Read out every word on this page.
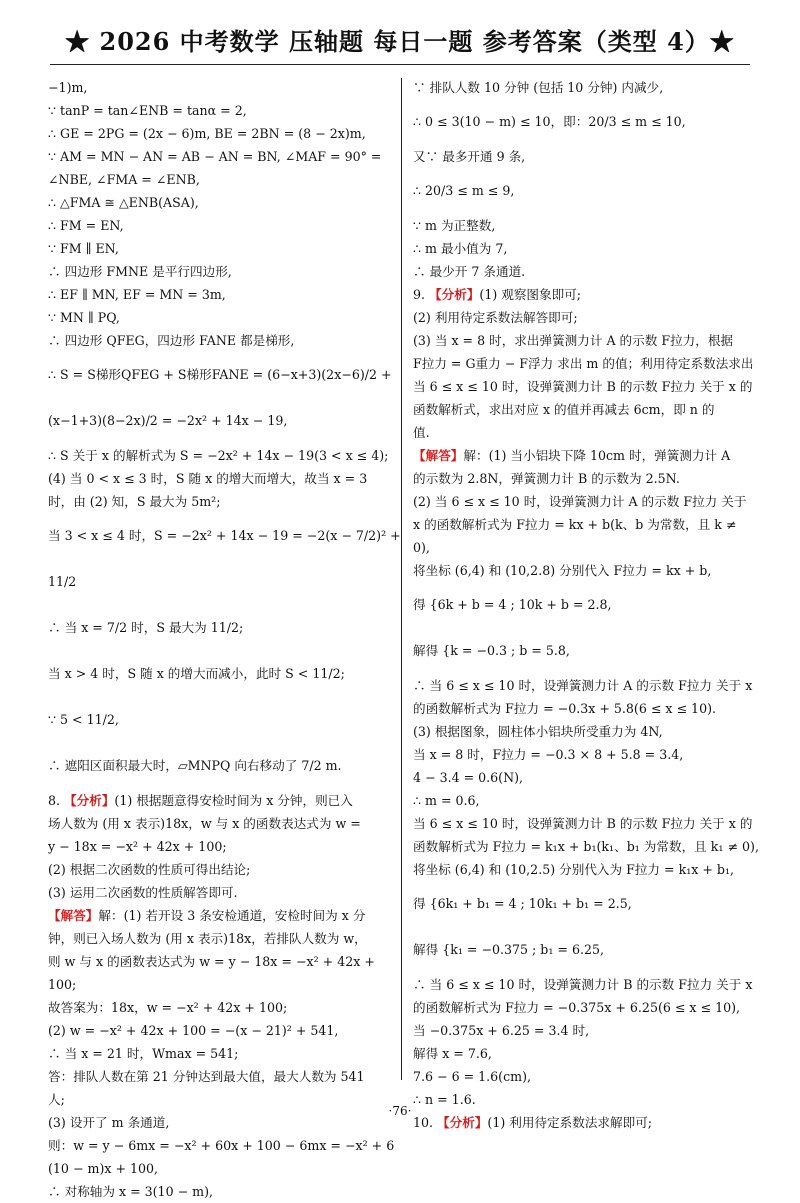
★ 2026 中考数学 压轴题 每日一题 参考答案（类型 4）★
−1)m,
∵ tanP = tan∠ENB = tanα = 2,
∴ GE = 2PG = (2x − 6)m, BE = 2BN = (8 − 2x)m,
∵ AM = MN − AN = AB − AN = BN, ∠MAF = 90° =
∠NBE, ∠FMA = ∠ENB,
∴ △FMA ≅ △ENB(ASA),
∴ FM = EN,
∵ FM ∥ EN,
∴ 四边形 FMNE 是平行四边形,
∴ EF ∥ MN, EF = MN = 3m,
∵ MN ∥ PQ,
∴ 四边形 QFEG，四边形 FANE 都是梯形,
∴ S = S梯形QFEG + S梯形FANE = (6−x+3)(2x−6)/2 +
(x−1+3)(8−2x)/2 = −2x² + 14x − 19,
∴ S 关于 x 的解析式为 S = −2x² + 14x − 19(3 < x ≤ 4);
(4) 当 0 < x ≤ 3 时，S 随 x 的增大而增大，故当 x = 3
时，由 (2) 知，S 最大为 5m²;
当 3 < x ≤ 4 时，S = −2x² + 14x − 19 = −2(x − 7/2)² +
11/2
∴ 当 x = 7/2 时，S 最大为 11/2;
当 x > 4 时，S 随 x 的增大而减小，此时 S < 11/2;
∵ 5 < 11/2,
∴ 遮阳区面积最大时，▱MNPQ 向右移动了 7/2 m.
8. 【分析】(1) 根据题意得安检时间为 x 分钟，则已入
场人数为 (用 x 表示)18x，w 与 x 的函数表达式为 w =
y − 18x = −x² + 42x + 100;
(2) 根据二次函数的性质可得出结论;
(3) 运用二次函数的性质解答即可.
【解答】解：(1) 若开设 3 条安检通道，安检时间为 x 分
钟，则已入场人数为 (用 x 表示)18x，若排队人数为 w，
则 w 与 x 的函数表达式为 w = y − 18x = −x² + 42x +
100;
故答案为：18x，w = −x² + 42x + 100;
(2) w = −x² + 42x + 100 = −(x − 21)² + 541,
∴ 当 x = 21 时，Wmax = 541;
答：排队人数在第 21 分钟达到最大值，最大人数为 541
人;
(3) 设开了 m 条通道,
则：w = y − 6mx = −x² + 60x + 100 − 6mx = −x² + 6
(10 − m)x + 100,
∴ 对称轴为 x = 3(10 − m),
∵ 排队人数 10 分钟 (包括 10 分钟) 内减少,
∴ 0 ≤ 3(10 − m) ≤ 10，即：20/3 ≤ m ≤ 10,
又∵ 最多开通 9 条,
∴ 20/3 ≤ m ≤ 9,
∵ m 为正整数,
∴ m 最小值为 7,
∴ 最少开 7 条通道.
9. 【分析】(1) 观察图象即可;
(2) 利用待定系数法解答即可;
(3) 当 x = 8 时，求出弹簧测力计 A 的示数 F拉力，根据
F拉力 = G重力 − F浮力 求出 m 的值；利用待定系数法求出
当 6 ≤ x ≤ 10 时，设弹簧测力计 B 的示数 F拉力 关于 x 的
函数解析式，求出对应 x 的值并再减去 6cm，即 n 的
值.
【解答】解：(1) 当小铝块下降 10cm 时，弹簧测力计 A
的示数为 2.8N，弹簧测力计 B 的示数为 2.5N.
(2) 当 6 ≤ x ≤ 10 时，设弹簧测力计 A 的示数 F拉力 关于
x 的函数解析式为 F拉力 = kx + b(k、b 为常数，且 k ≠
0),
将坐标 (6,4) 和 (10,2.8) 分别代入 F拉力 = kx + b,
得 {6k + b = 4 ; 10k + b = 2.8,
解得 {k = −0.3 ; b = 5.8,
∴ 当 6 ≤ x ≤ 10 时，设弹簧测力计 A 的示数 F拉力 关于 x
的函数解析式为 F拉力 = −0.3x + 5.8(6 ≤ x ≤ 10).
(3) 根据图象，圆柱体小铝块所受重力为 4N,
当 x = 8 时，F拉力 = −0.3 × 8 + 5.8 = 3.4,
4 − 3.4 = 0.6(N),
∴ m = 0.6,
当 6 ≤ x ≤ 10 时，设弹簧测力计 B 的示数 F拉力 关于 x 的
函数解析式为 F拉力 = k₁x + b₁(k₁、b₁ 为常数，且 k₁ ≠ 0),
将坐标 (6,4) 和 (10,2.5) 分别代入为 F拉力 = k₁x + b₁,
得 {6k₁ + b₁ = 4 ; 10k₁ + b₁ = 2.5,
解得 {k₁ = −0.375 ; b₁ = 6.25,
∴ 当 6 ≤ x ≤ 10 时，设弹簧测力计 B 的示数 F拉力 关于 x
的函数解析式为 F拉力 = −0.375x + 6.25(6 ≤ x ≤ 10),
当 −0.375x + 6.25 = 3.4 时,
解得 x = 7.6,
7.6 − 6 = 1.6(cm),
∴ n = 1.6.
10. 【分析】(1) 利用待定系数法求解即可;
·76·
